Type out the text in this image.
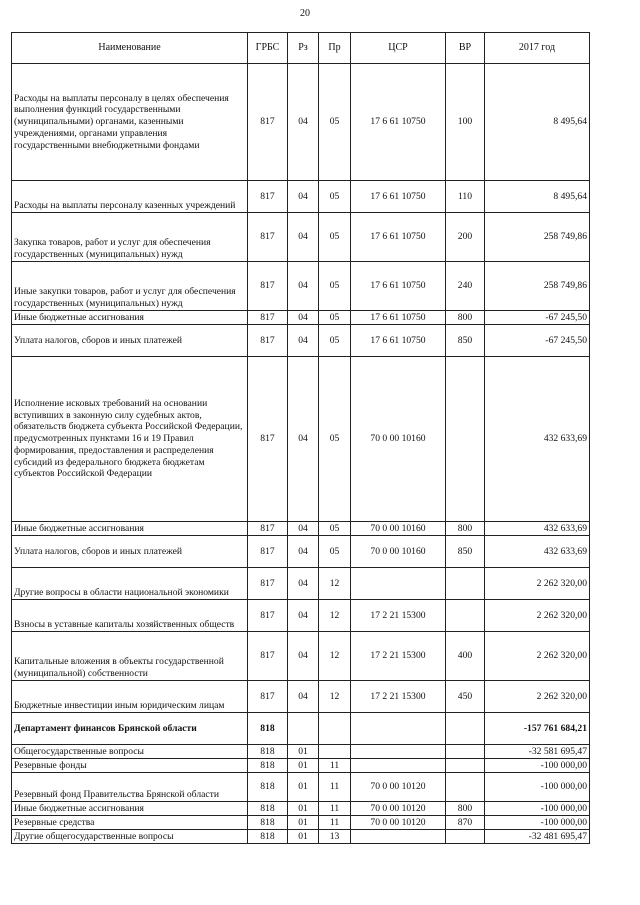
20
Наименование	ГРБС	Рз	Пр	ЦСР	ВР	2017 год
Расходы на выплаты персоналу в целях обеспечения выполнения функций государственными (муниципальными) органами, казенными учреждениями, органами управления государственными внебюджетными фондами	817	04	05	17 6 61 10750	100	8 495,64
Расходы на выплаты персоналу казенных учреждений	817	04	05	17 6 61 10750	110	8 495,64
Закупка товаров, работ и услуг для обеспечения государственных (муниципальных) нужд	817	04	05	17 6 61 10750	200	258 749,86
Иные закупки товаров, работ и услуг для обеспечения государственных (муниципальных) нужд	817	04	05	17 6 61 10750	240	258 749,86
Иные бюджетные ассигнования	817	04	05	17 6 61 10750	800	-67 245,50
Уплата налогов, сборов и иных платежей	817	04	05	17 6 61 10750	850	-67 245,50
Исполнение исковых требований на основании вступивших в законную силу судебных актов, обязательств бюджета субъекта Российской Федерации, предусмотренных пунктами 16 и 19 Правил формирования, предоставления и распределения субсидий из федерального бюджета бюджетам субъектов Российской Федерации	817	04	05	70 0 00 10160		432 633,69
Иные бюджетные ассигнования	817	04	05	70 0 00 10160	800	432 633,69
Уплата налогов, сборов и иных платежей	817	04	05	70 0 00 10160	850	432 633,69
Другие вопросы в области национальной экономики	817	04	12			2 262 320,00
Взносы в уставные капиталы хозяйственных обществ	817	04	12	17 2 21 15300		2 262 320,00
Капитальные вложения в объекты государственной (муниципальной) собственности	817	04	12	17 2 21 15300	400	2 262 320,00
Бюджетные инвестиции иным юридическим лицам	817	04	12	17 2 21 15300	450	2 262 320,00
Департамент финансов Брянской области	818					-157 761 684,21
Общегосударственные вопросы	818	01				-32 581 695,47
Резервные фонды	818	01	11			-100 000,00
Резервный фонд Правительства Брянской области	818	01	11	70 0 00 10120		-100 000,00
Иные бюджетные ассигнования	818	01	11	70 0 00 10120	800	-100 000,00
Резервные средства	818	01	11	70 0 00 10120	870	-100 000,00
Другие общегосударственные вопросы	818	01	13			-32 481 695,47
